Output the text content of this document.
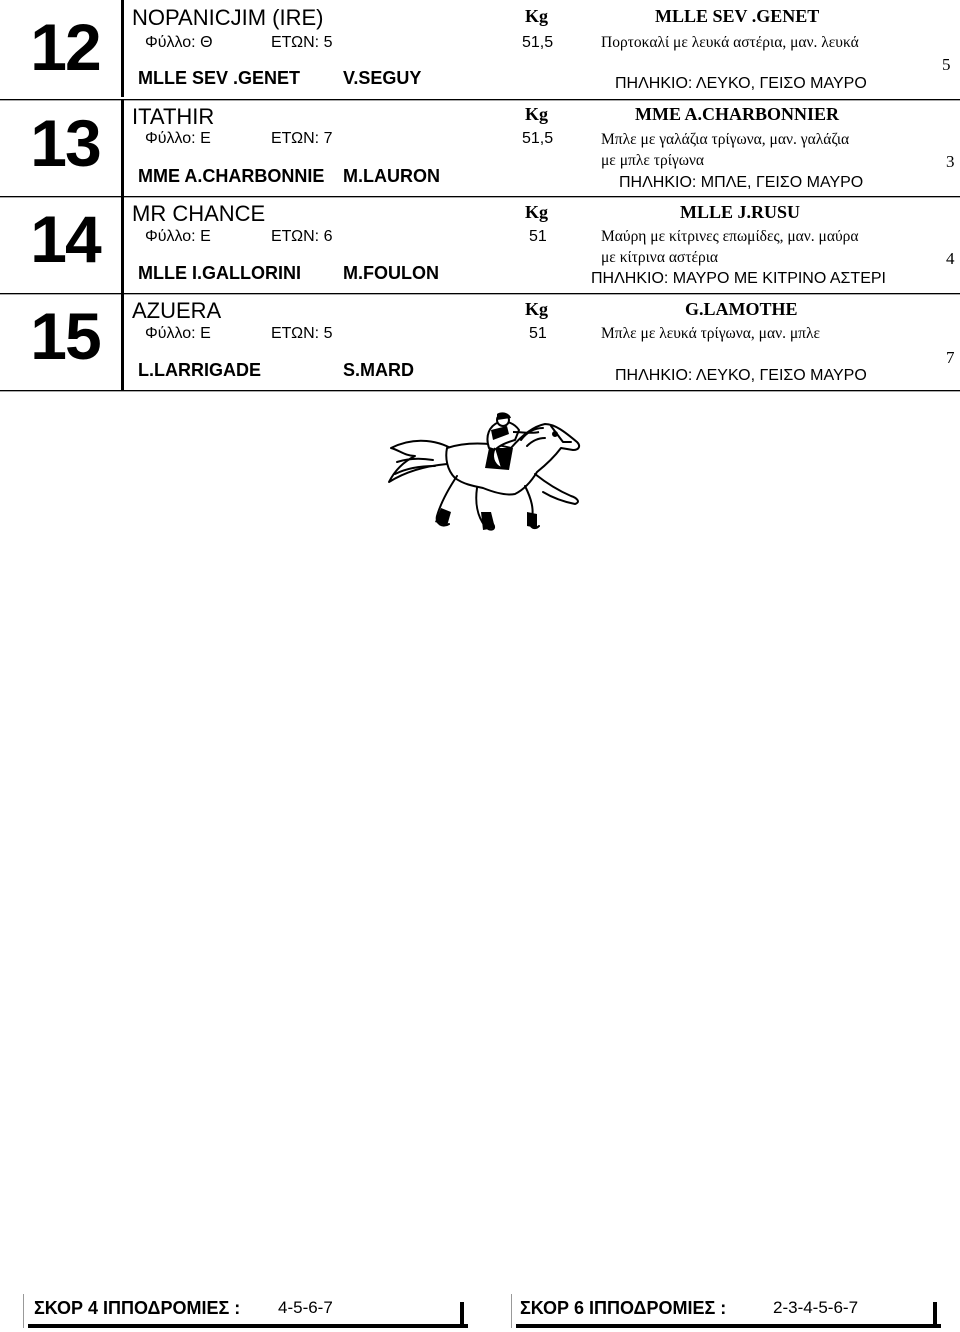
12	NOPANICJIM (IRE)
Φύλλο: Θ	ΕΤΩΝ: 5
MLLE SEV .GENET V.SEGUY
Kg
51,5
MLLE SEV .GENET
Πορτοκαλί με λευκά αστέρια, μαν. λευκά
ΠΗΛΗΚΙΟ: ΛΕΥΚΟ, ΓΕΙΣΟ ΜΑΥΡΟ
5
13	ITATHIR
Φύλλο: Ε	ΕΤΩΝ: 7
MME A.CHARBONNIE M.LAURON
Kg
51,5
MME A.CHARBONNIER
Μπλε με γαλάζια τρίγωνα, μαν. γαλάζια
με μπλε τρίγωνα
ΠΗΛΗΚΙΟ: ΜΠΛΕ, ΓΕΙΣΟ ΜΑΥΡΟ
3
14	MR CHANCE
Φύλλο: Ε	ΕΤΩΝ: 6
MLLE I.GALLORINI M.FOULON
Kg
51
MLLE J.RUSU
Μαύρη με κίτρινες επωμίδες, μαν. μαύρα
με κίτρινα αστέρια
ΠΗΛΗΚΙΟ: ΜΑΥΡΟ ΜΕ ΚΙΤΡΙΝΟ ΑΣΤΕΡΙ
4
15	AZUERA
Φύλλο: Ε	ΕΤΩΝ: 5
L.LARRIGADE	S.MARD
Kg
51
G.LAMOTHE
Μπλε με λευκά τρίγωνα, μαν. μπλε
ΠΗΛΗΚΙΟ: ΛΕΥΚΟ, ΓΕΙΣΟ ΜΑΥΡΟ
7
ΣΚΟΡ 4 ΙΠΠΟΔΡΟΜΙΕΣ : 4-5-6-7	ΣΚΟΡ 6 ΙΠΠΟΔΡΟΜΙΕΣ :	2-3-4-5-6-7
